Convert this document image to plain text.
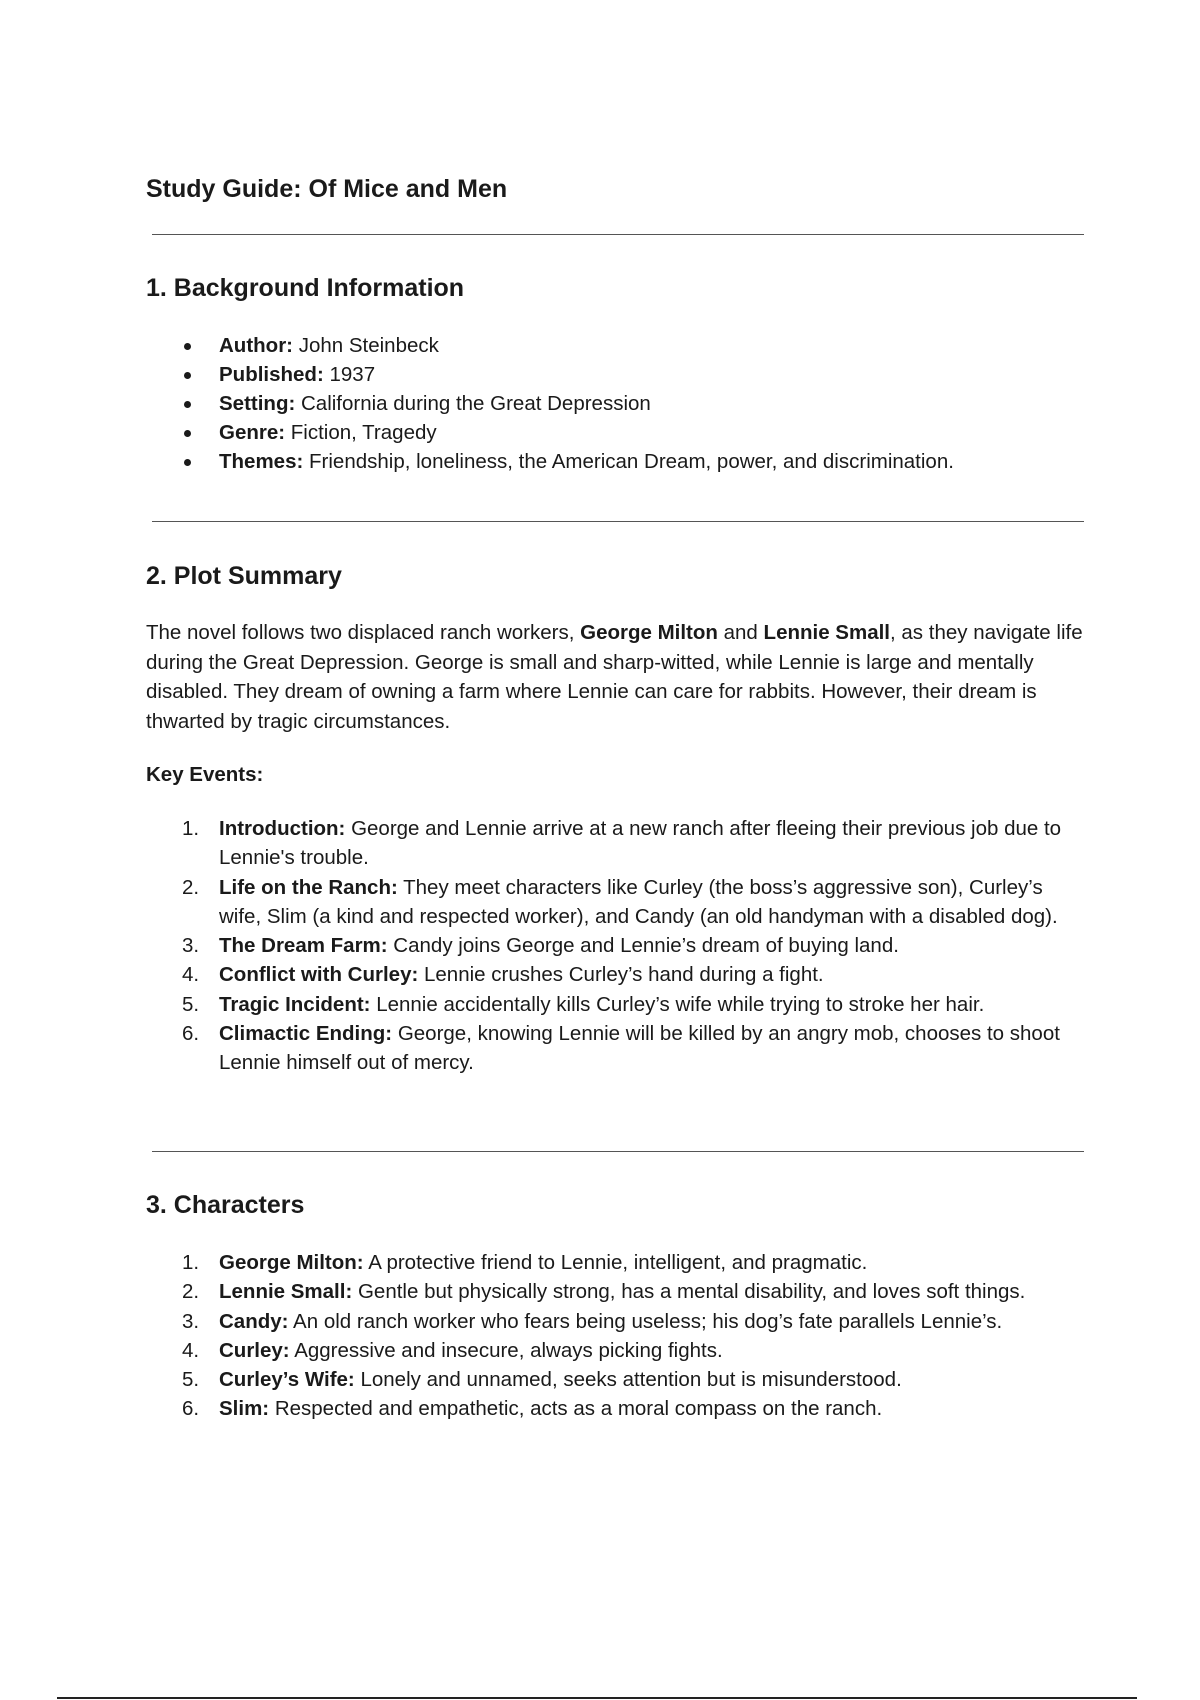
Study Guide: Of Mice and Men
1. Background Information
Author: John Steinbeck
Published: 1937
Setting: California during the Great Depression
Genre: Fiction, Tragedy
Themes: Friendship, loneliness, the American Dream, power, and discrimination.
2. Plot Summary

The novel follows two displaced ranch workers, George Milton and Lennie Small, as they navigate life during the Great Depression. George is small and sharp-witted, while Lennie is large and mentally disabled. They dream of owning a farm where Lennie can care for rabbits. However, their dream is thwarted by tragic circumstances.

Key Events:

1. Introduction: George and Lennie arrive at a new ranch after fleeing their previous job due to Lennie's trouble.
2. Life on the Ranch: They meet characters like Curley (the boss’s aggressive son), Curley’s wife, Slim (a kind and respected worker), and Candy (an old handyman with a disabled dog).
3. The Dream Farm: Candy joins George and Lennie’s dream of buying land.
4. Conflict with Curley: Lennie crushes Curley’s hand during a fight.
5. Tragic Incident: Lennie accidentally kills Curley’s wife while trying to stroke her hair.
6. Climactic Ending: George, knowing Lennie will be killed by an angry mob, chooses to shoot Lennie himself out of mercy.
3. Characters
1. George Milton: A protective friend to Lennie, intelligent, and pragmatic.
2. Lennie Small: Gentle but physically strong, has a mental disability, and loves soft things.
3. Candy: An old ranch worker who fears being useless; his dog’s fate parallels Lennie’s.
4. Curley: Aggressive and insecure, always picking fights.
5. Curley’s Wife: Lonely and unnamed, seeks attention but is misunderstood.
6. Slim: Respected and empathetic, acts as a moral compass on the ranch.
